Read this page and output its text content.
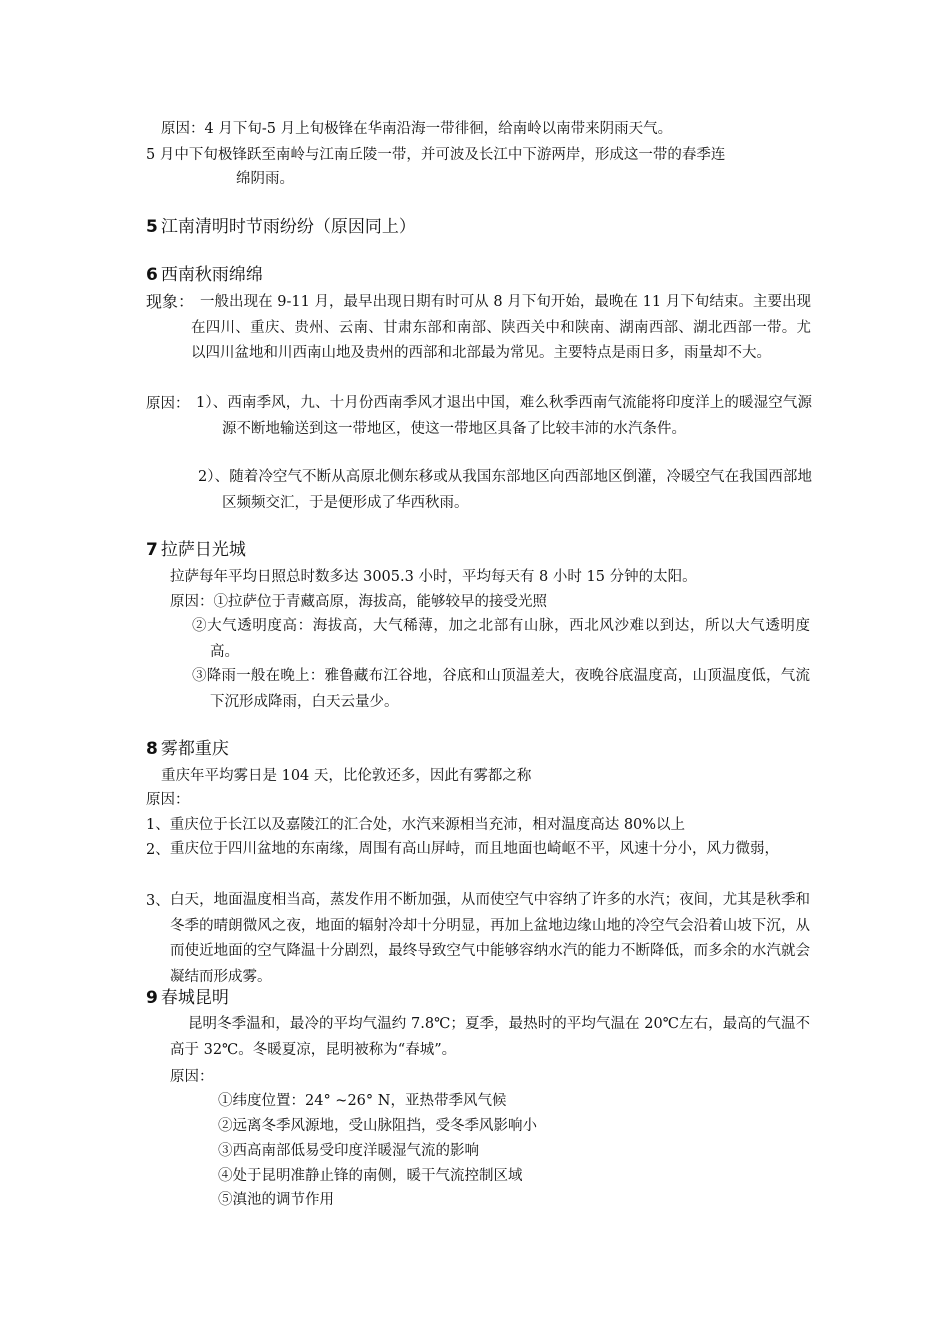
原因：4 月下旬-5 月上旬极锋在华南沿海一带徘徊，给南岭以南带来阴雨天气。
5 月中下旬极锋跃至南岭与江南丘陵一带，并可波及长江中下游两岸，形成这一带的春季连
绵阴雨。
5 江南清明时节雨纷纷（原因同上）
6 西南秋雨绵绵
现象： 一般出现在 9-11 月，最早出现日期有时可从 8 月下旬开始，最晚在 11 月下旬结束。主要出现在四川、重庆、贵州、云南、甘肃东部和南部、陕西关中和陕南、湖南西部、湖北西部一带。尤以四川盆地和川西南山地及贵州的西部和北部最为常见。主要特点是雨日多，雨量却不大。
原因： 1）、西南季风，九、十月份西南季风才退出中国，难么秋季西南气流能将印度洋上的暖湿空气源源不断地输送到这一带地区，使这一带地区具备了比较丰沛的水汽条件。
2）、随着冷空气不断从高原北侧东移或从我国东部地区向西部地区倒灌，冷暖空气在我国西部地区频频交汇，于是便形成了华西秋雨。
7 拉萨日光城
拉萨每年平均日照总时数多达 3005.3 小时，平均每天有 8 小时 15 分钟的太阳。
原因：①拉萨位于青藏高原，海拔高，能够较早的接受光照
②大气透明度高：海拔高，大气稀薄，加之北部有山脉，西北风沙难以到达，所以大气透明度高。
③降雨一般在晚上：雅鲁藏布江谷地，谷底和山顶温差大，夜晚谷底温度高，山顶温度低，气流下沉形成降雨，白天云量少。
8 雾都重庆
重庆年平均雾日是 104 天，比伦敦还多，因此有雾都之称
原因：
1、重庆位于长江以及嘉陵江的汇合处，水汽来源相当充沛，相对温度高达 80%以上
2、 重庆位于四川盆地的东南缘，周围有高山屏峙，而且地面也崎岖不平，风速十分小，风力微弱，
3、 白天，地面温度相当高，蒸发作用不断加强，从而使空气中容纳了许多的水汽；夜间，尤其是秋季和冬季的晴朗微风之夜，地面的辐射冷却十分明显，再加上盆地边缘山地的冷空气会沿着山坡下沉，从而使近地面的空气降温十分剧烈，最终导致空气中能够容纳水汽的能力不断降低，而多余的水汽就会凝结而形成雾。
9 春城昆明
昆明冬季温和，最冷的平均气温约 7.8℃；夏季，最热时的平均气温在 20℃左右，最高的气温不高于 32℃。冬暖夏凉，昆明被称为“春城”。
原因：
①纬度位置：24° ~26° N，亚热带季风气候
②远离冬季风源地，受山脉阻挡，受冬季风影响小
③西高南部低易受印度洋暖湿气流的影响
④处于昆明准静止锋的南侧，暖干气流控制区域
⑤滇池的调节作用
